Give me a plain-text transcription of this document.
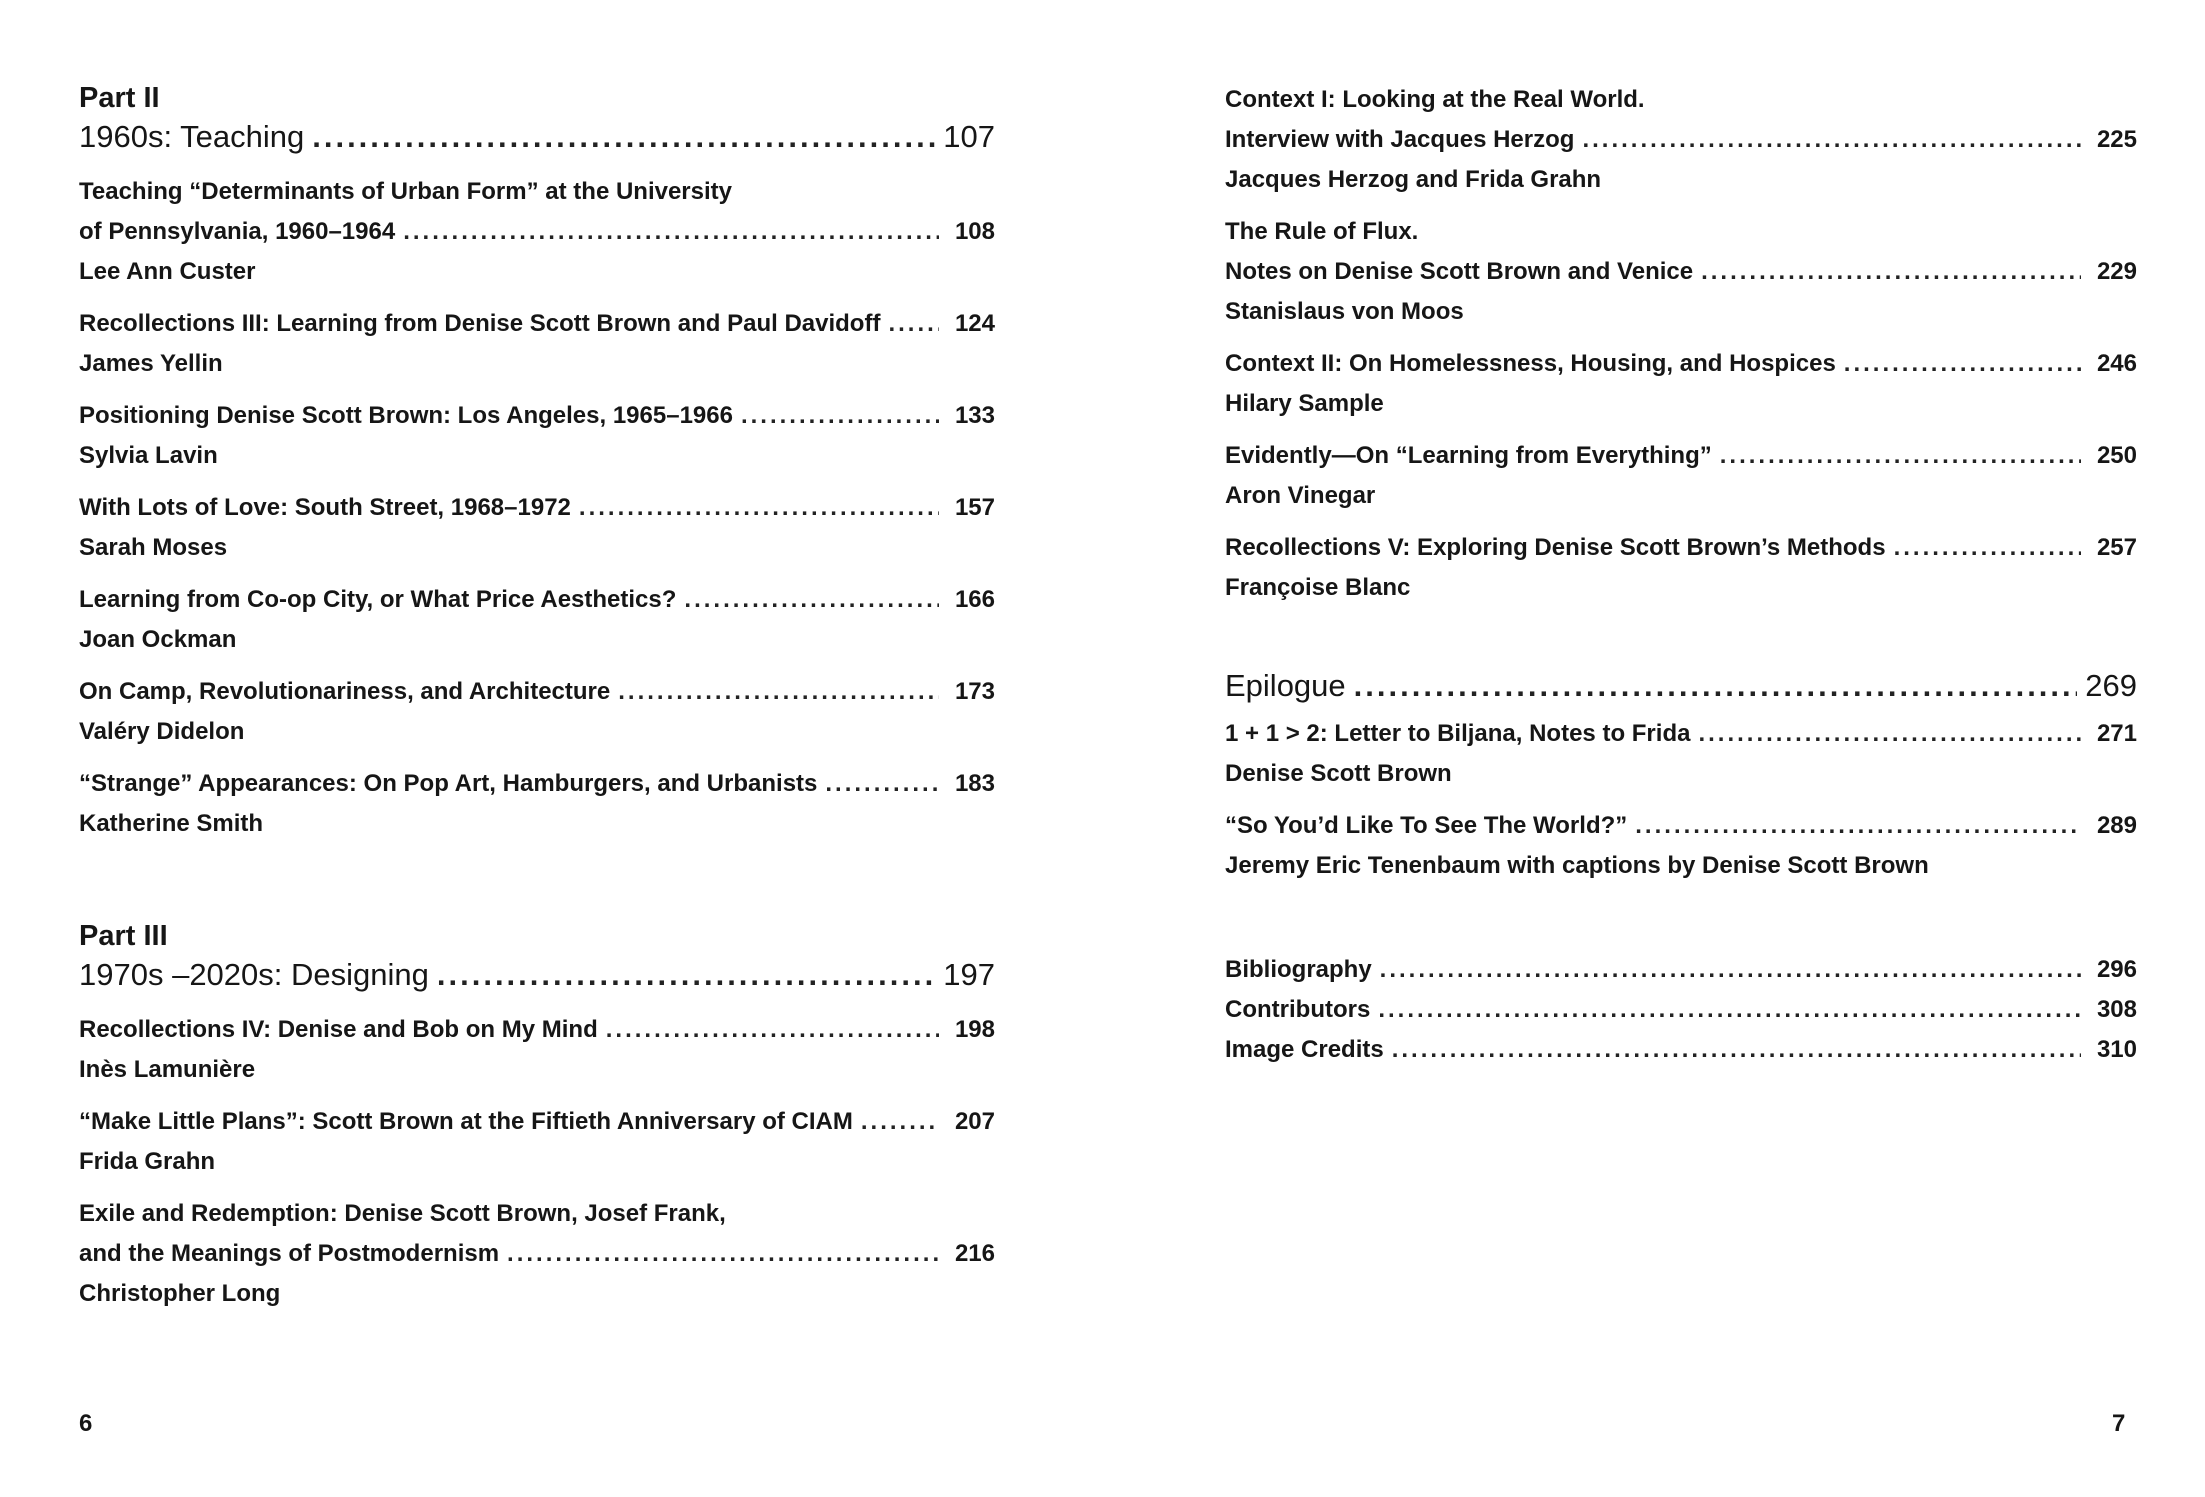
Part II
1960s: Teaching .....	107
Teaching “Determinants of Urban Form” at the University
of Pennsylvania, 1960–1964 .....	108
Lee Ann Custer
Recollections III: Learning from Denise Scott Brown and Paul Davidoff .....	124
James Yellin
Positioning Denise Scott Brown: Los Angeles, 1965–1966 .....	133
Sylvia Lavin
With Lots of Love: South Street, 1968–1972 .....	157
Sarah Moses
Learning from Co-op City, or What Price Aesthetics? .....	166
Joan Ockman
On Camp, Revolutionariness, and Architecture .....	173
Valéry Didelon
“Strange” Appearances: On Pop Art, Hamburgers, and Urbanists .....	183
Katherine Smith
Part III
1970s –2020s: Designing .....	197
Recollections IV: Denise and Bob on My Mind .....	198
Inès Lamunière
“Make Little Plans”: Scott Brown at the Fiftieth Anniversary of CIAM .....	207
Frida Grahn
Exile and Redemption: Denise Scott Brown, Josef Frank,
and the Meanings of Postmodernism .....	216
Christopher Long
Context I: Looking at the Real World.
Interview with Jacques Herzog .....	225
Jacques Herzog and Frida Grahn
The Rule of Flux.
Notes on Denise Scott Brown and Venice .....	229
Stanislaus von Moos
Context II: On Homelessness, Housing, and Hospices .....	246
Hilary Sample
Evidently—On “Learning from Everything” .....	250
Aron Vinegar
Recollections V: Exploring Denise Scott Brown’s Methods .....	257
Françoise Blanc
Epilogue .....	269
1 + 1 > 2: Letter to Biljana, Notes to Frida .....	271
Denise Scott Brown
“So You’d Like To See The World?” .....	289
Jeremy Eric Tenenbaum with captions by Denise Scott Brown
Bibliography .....	296
Contributors .....	308
Image Credits .....	310
6	7
